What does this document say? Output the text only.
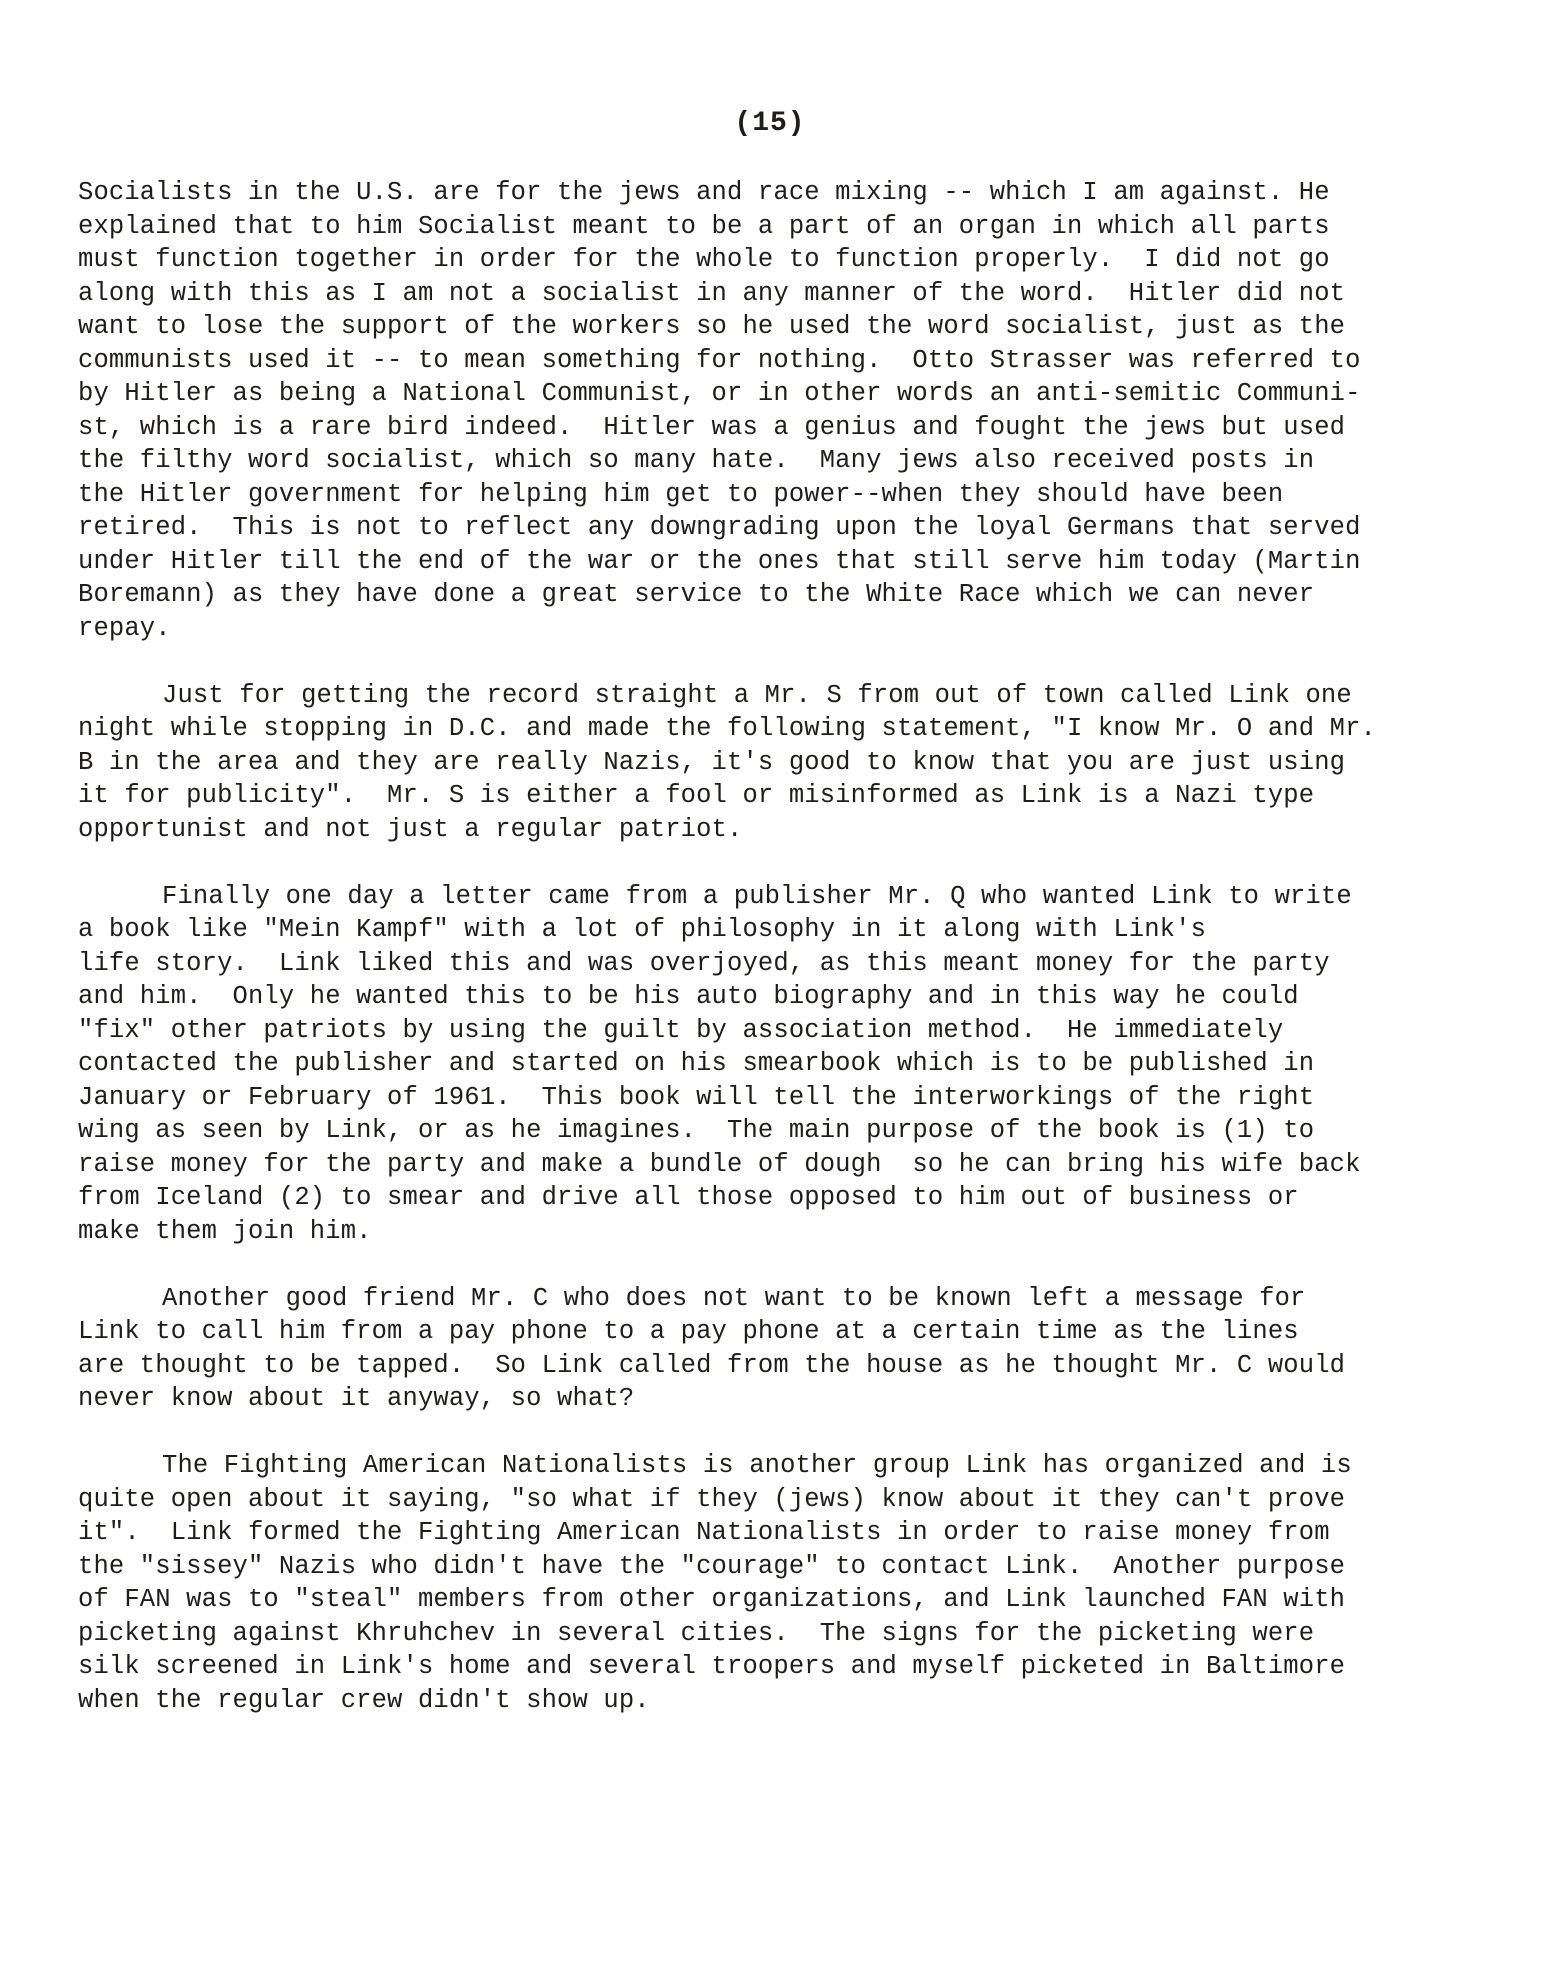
(15)
Socialists in the U.S. are for the jews and race mixing -- which I am against. He
explained that to him Socialist meant to be a part of an organ in which all parts
must function together in order for the whole to function properly.  I did not go
along with this as I am not a socialist in any manner of the word.  Hitler did not
want to lose the support of the workers so he used the word socialist, just as the
communists used it -- to mean something for nothing.  Otto Strasser was referred to
by Hitler as being a National Communist, or in other words an anti-semitic Communi-
st, which is a rare bird indeed.  Hitler was a genius and fought the jews but used
the filthy word socialist, which so many hate.  Many jews also received posts in
the Hitler government for helping him get to power--when they should have been
retired.  This is not to reflect any downgrading upon the loyal Germans that served
under Hitler till the end of the war or the ones that still serve him today (Martin
Boremann) as they have done a great service to the White Race which we can never
repay.
Just for getting the record straight a Mr. S from out of town called Link one
night while stopping in D.C. and made the following statement, "I know Mr. O and Mr.
B in the area and they are really Nazis, it's good to know that you are just using
it for publicity".  Mr. S is either a fool or misinformed as Link is a Nazi type
opportunist and not just a regular patriot.
Finally one day a letter came from a publisher Mr. Q who wanted Link to write
a book like "Mein Kampf" with a lot of philosophy in it along with Link's
life story.  Link liked this and was overjoyed, as this meant money for the party
and him.  Only he wanted this to be his auto biography and in this way he could
"fix" other patriots by using the guilt by association method.  He immediately
contacted the publisher and started on his smearbook which is to be published in
January or February of 1961.  This book will tell the interworkings of the right
wing as seen by Link, or as he imagines.  The main purpose of the book is (1) to
raise money for the party and make a bundle of dough  so he can bring his wife back
from Iceland (2) to smear and drive all those opposed to him out of business or
make them join him.
Another good friend Mr. C who does not want to be known left a message for
Link to call him from a pay phone to a pay phone at a certain time as the lines
are thought to be tapped.  So Link called from the house as he thought Mr. C would
never know about it anyway, so what?
The Fighting American Nationalists is another group Link has organized and is
quite open about it saying, "so what if they (jews) know about it they can't prove
it".  Link formed the Fighting American Nationalists in order to raise money from
the "sissey" Nazis who didn't have the "courage" to contact Link.  Another purpose
of FAN was to "steal" members from other organizations, and Link launched FAN with
picketing against Khruhchev in several cities.  The signs for the picketing were
silk screened in Link's home and several troopers and myself picketed in Baltimore
when the regular crew didn't show up.
